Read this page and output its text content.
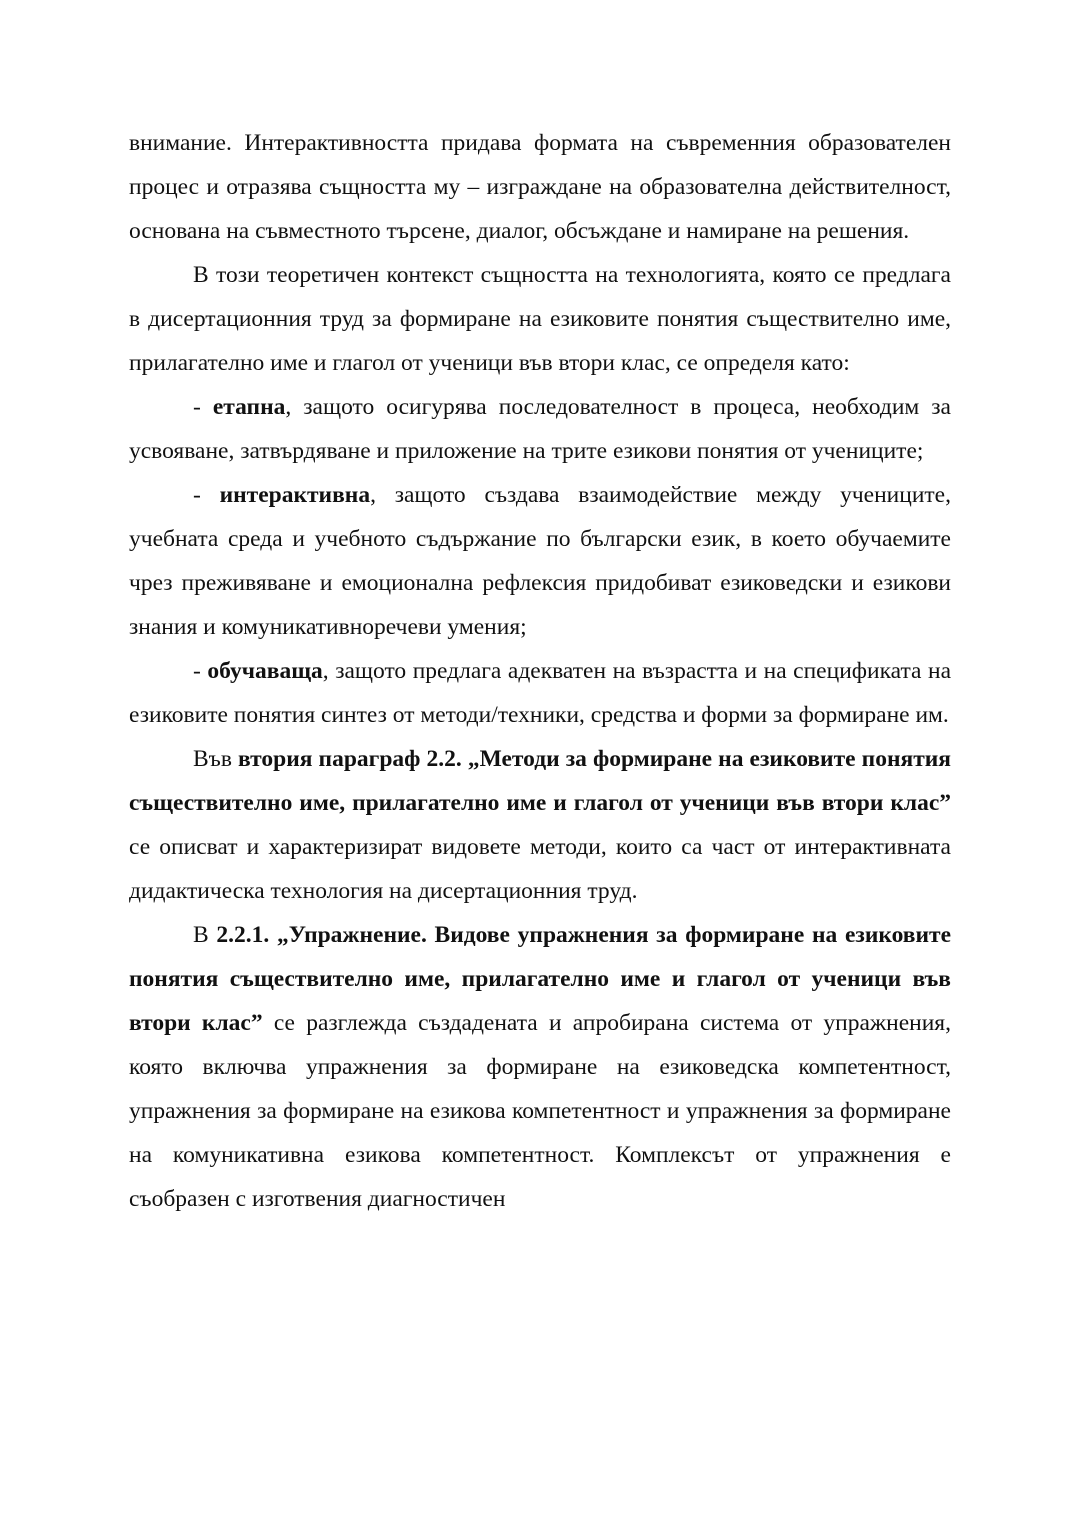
внимание. Интерактивността придава формата на съвременния образователен процес и отразява същността му – изграждане на образователна действителност, основана на съвместното търсене, диалог, обсъждане и намиране на решения.

В този теоретичен контекст същността на технологията, която се предлага в дисертационния труд за формиране на езиковите понятия съществително име, прилагателно име и глагол от ученици във втори клас, се определя като:

- етапна, защото осигурява последователност в процеса, необходим за усвояване, затвърдяване и приложение на трите езикови понятия от учениците;

- интерактивна, защото създава взаимодействие между учениците, учебната среда и учебното съдържание по български език, в което обучаемите чрез преживяване и емоционална рефлексия придобиват езиковедски и езикови знания и комуникативноречеви умения;

- обучаваща, защото предлага адекватен на възрастта и на спецификата на езиковите понятия синтез от методи/техники, средства и форми за формиране им.

Във втория параграф 2.2. „Методи за формиране на езиковите понятия съществително име, прилагателно име и глагол от ученици във втори клас” се описват и характеризират видовете методи, които са част от интерактивната дидактическа технология на дисертационния труд.

В 2.2.1. „Упражнение. Видове упражнения за формиране на езиковите понятия съществително име, прилагателно име и глагол от ученици във втори клас” се разглежда създадената и апробирана система от упражнения, която включва упражнения за формиране на езиковедска компетентност, упражнения за формиране на езикова компетентност и упражнения за формиране на комуникативна езикова компетентност. Комплексът от упражнения е съобразен с изготвения диагностичен
